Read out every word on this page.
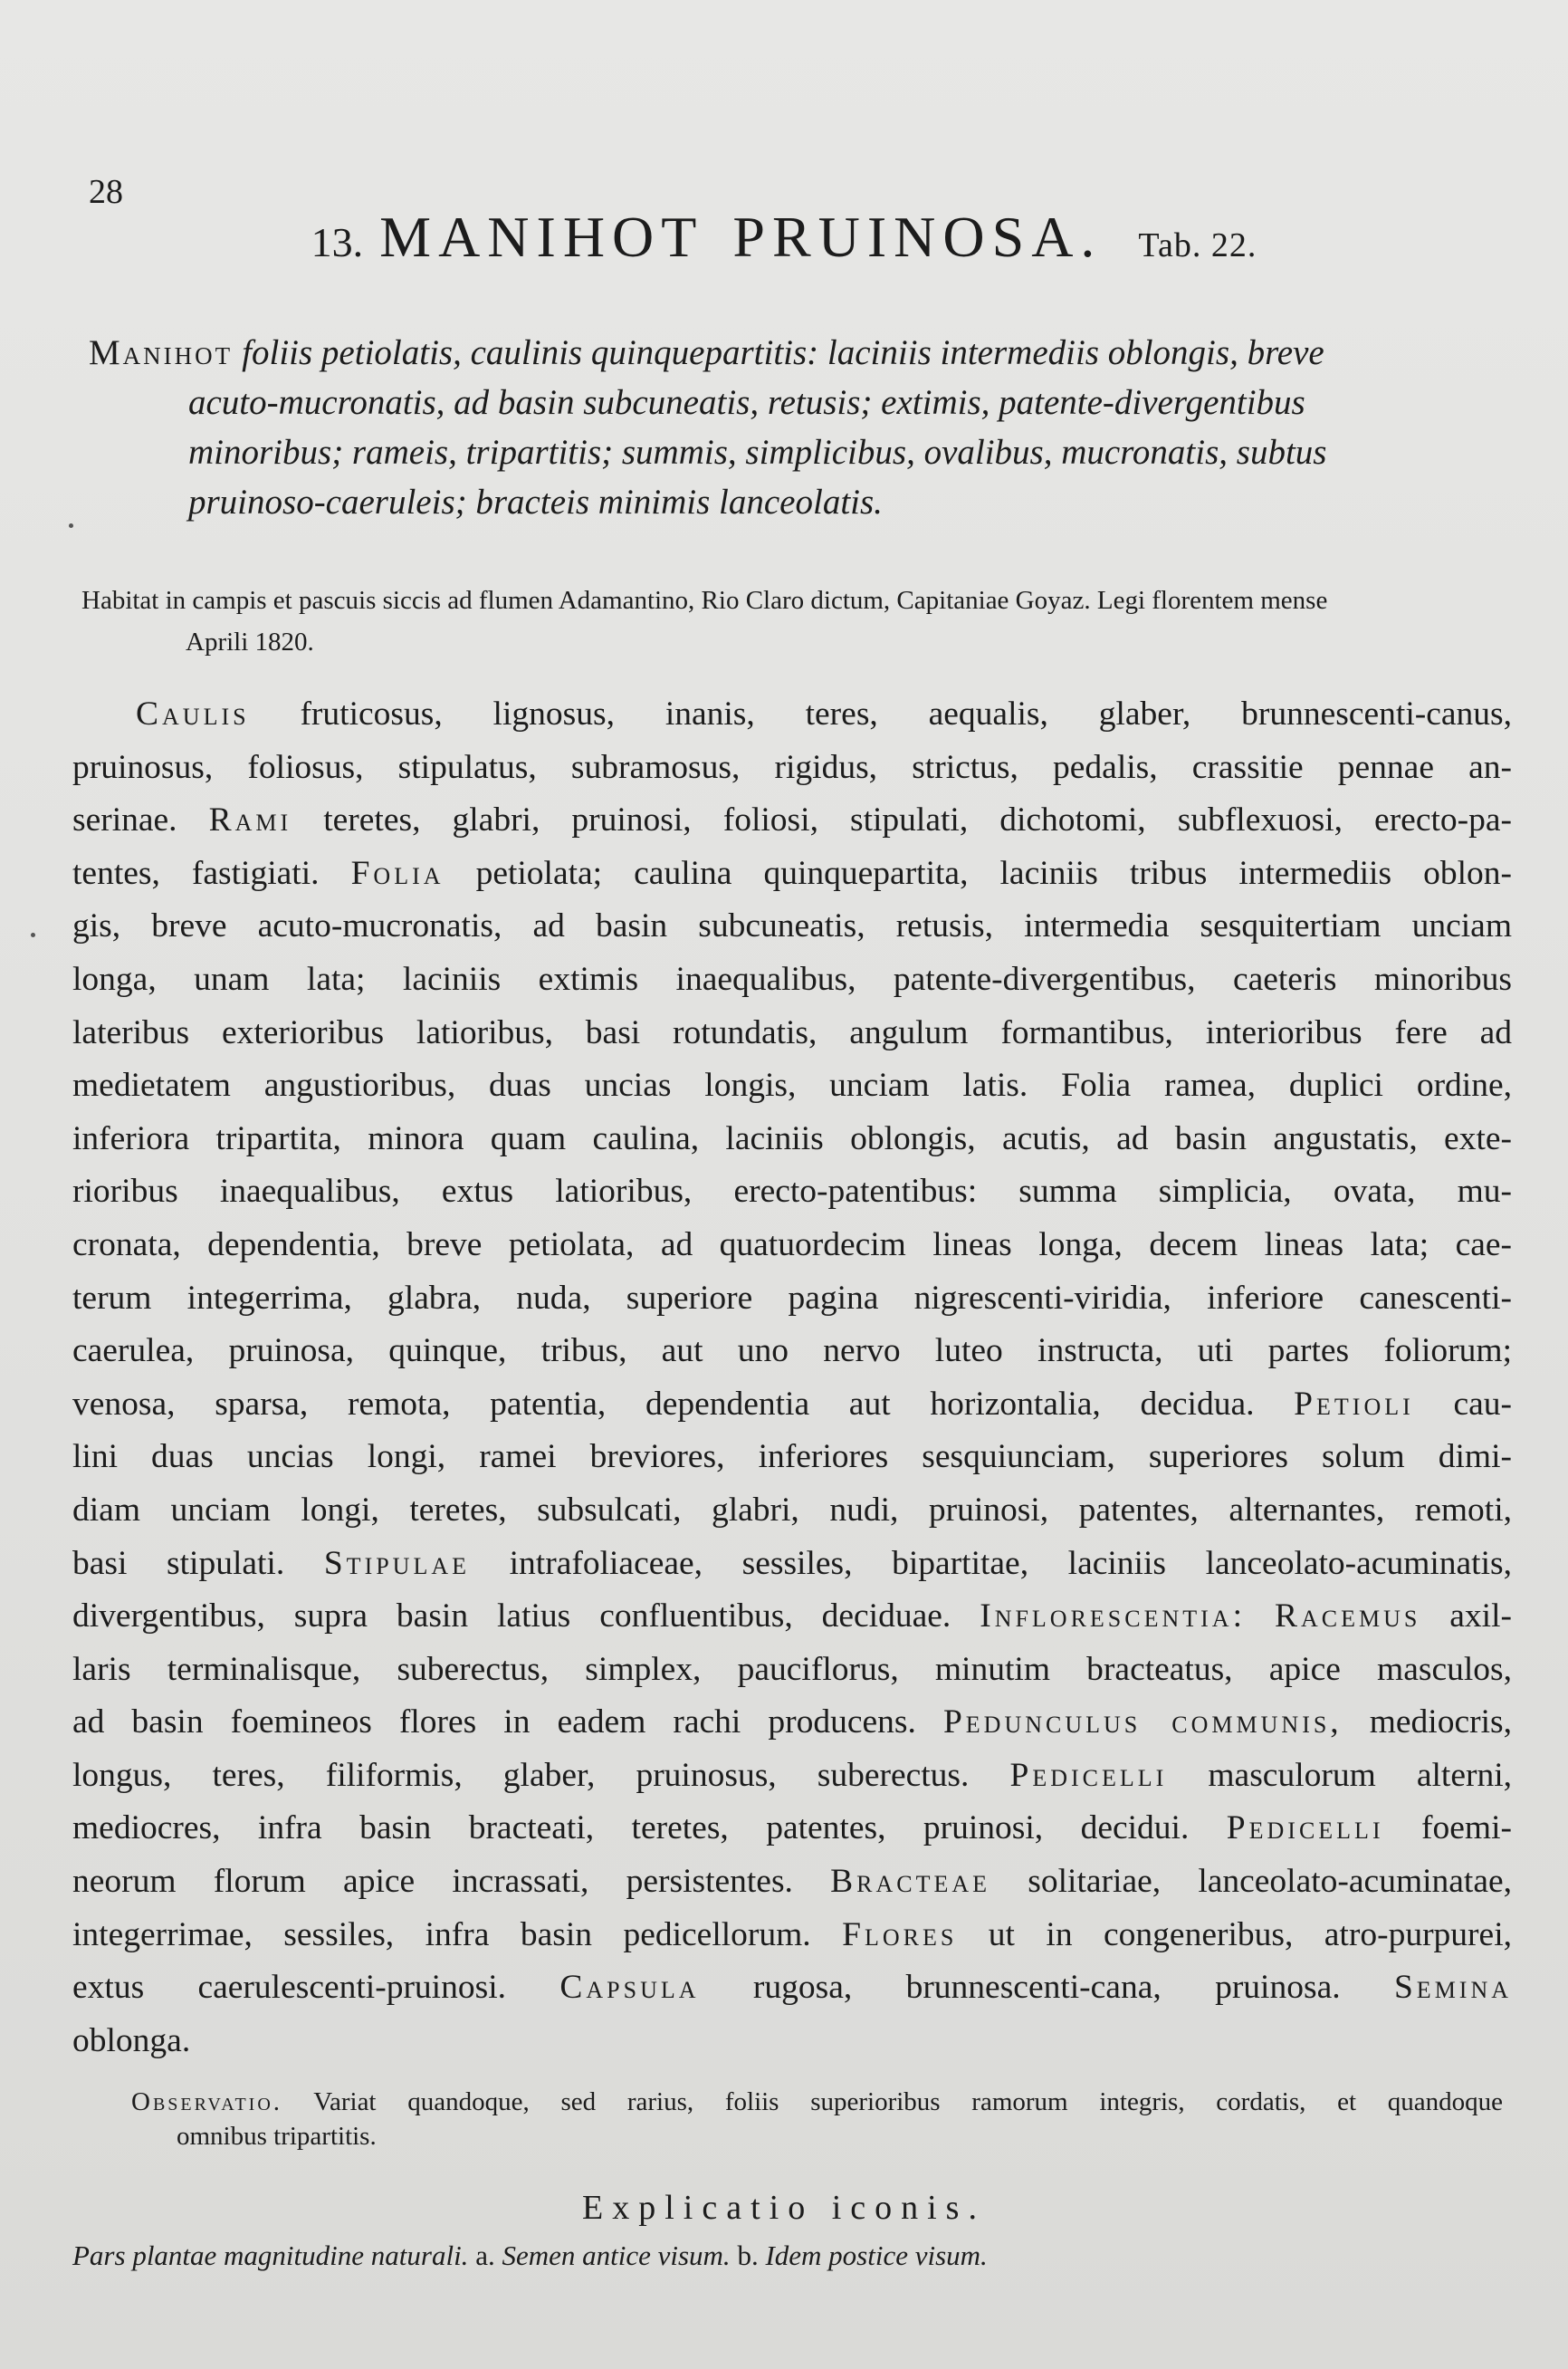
28
13. MANIHOT PRUINOSA. Tab. 22.

Manihot foliis petiolatis, caulinis quinquepartitis: laciniis intermediis oblongis, breve

acuto-mucronatis, ad basin subcuneatis, retusis; extimis, patente-divergentibus

minoribus; rameis, tripartitis; summis, simplicibus, ovalibus, mucronatis, subtus

pruinoso-caeruleis; bracteis minimis lanceolatis.

Habitat in campis et pascuis siccis ad flumen Adamantino, Rio Claro dictum, Capitaniae Goyaz. Legi florentem mense

Aprili 1820.

Caulis fruticosus, lignosus, inanis, teres, aequalis, glaber, brunnescenti-canus,

pruinosus, foliosus, stipulatus, subramosus, rigidus, strictus, pedalis, crassitie pennae an-

serinae. Rami teretes, glabri, pruinosi, foliosi, stipulati, dichotomi, subflexuosi, erecto-pa-

tentes, fastigiati. Folia petiolata; caulina quinquepartita, laciniis tribus intermediis oblon-

gis, breve acuto-mucronatis, ad basin subcuneatis, retusis, intermedia sesquitertiam unciam

longa, unam lata; laciniis extimis inaequalibus, patente-divergentibus, caeteris minoribus

lateribus exterioribus latioribus, basi rotundatis, angulum formantibus, interioribus fere ad

medietatem angustioribus, duas uncias longis, unciam latis. Folia ramea, duplici ordine,

inferiora tripartita, minora quam caulina, laciniis oblongis, acutis, ad basin angustatis, exte-

rioribus inaequalibus, extus latioribus, erecto-patentibus: summa simplicia, ovata, mu-

cronata, dependentia, breve petiolata, ad quatuordecim lineas longa, decem lineas lata; cae-

terum integerrima, glabra, nuda, superiore pagina nigrescenti-viridia, inferiore canescenti-

caerulea, pruinosa, quinque, tribus, aut uno nervo luteo instructa, uti partes foliorum;

venosa, sparsa, remota, patentia, dependentia aut horizontalia, decidua. Petioli cau-

lini duas uncias longi, ramei breviores, inferiores sesquiunciam, superiores solum dimi-

diam unciam longi, teretes, subsulcati, glabri, nudi, pruinosi, patentes, alternantes, remoti,

basi stipulati. Stipulae intrafoliaceae, sessiles, bipartitae, laciniis lanceolato-acuminatis,

divergentibus, supra basin latius confluentibus, deciduae. Inflorescentia: Racemus axil-

laris terminalisque, suberectus, simplex, pauciflorus, minutim bracteatus, apice masculos,

ad basin foemineos flores in eadem rachi producens. Pedunculus communis, mediocris,

longus, teres, filiformis, glaber, pruinosus, suberectus. Pedicelli masculorum alterni,

mediocres, infra basin bracteati, teretes, patentes, pruinosi, decidui. Pedicelli foemi-

neorum florum apice incrassati, persistentes. Bracteae solitariae, lanceolato-acuminatae,

integerrimae, sessiles, infra basin pedicellorum. Flores ut in congeneribus, atro-purpurei,

extus caerulescenti-pruinosi. Capsula rugosa, brunnescenti-cana, pruinosa. Semina

oblonga.

Observatio. Variat quandoque, sed rarius, foliis superioribus ramorum integris, cordatis, et quandoque

omnibus tripartitis.

Explicatio iconis.
Pars plantae magnitudine naturali. a. Semen antice visum. b. Idem postice visum.
